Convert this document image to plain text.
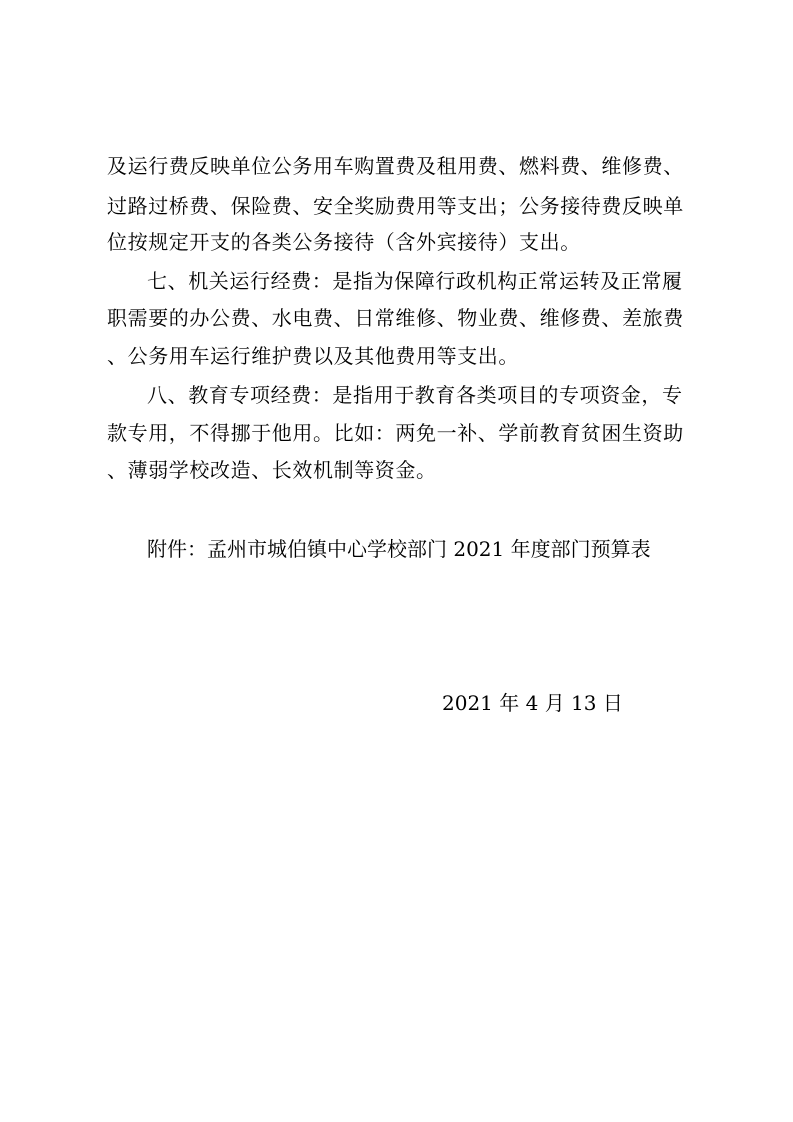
及运行费反映单位公务用车购置费及租用费、燃料费、维修费、
过路过桥费、保险费、安全奖励费用等支出；公务接待费反映单
位按规定开支的各类公务接待（含外宾接待）支出。
七、机关运行经费：是指为保障行政机构正常运转及正常履
职需要的办公费、水电费、日常维修、物业费、维修费、差旅费
、公务用车运行维护费以及其他费用等支出。
八、教育专项经费：是指用于教育各类项目的专项资金，专
款专用，不得挪于他用。比如：两免一补、学前教育贫困生资助
、薄弱学校改造、长效机制等资金。
附件：孟州市城伯镇中心学校部门 2021 年度部门预算表
2021 年 4 月 13 日
